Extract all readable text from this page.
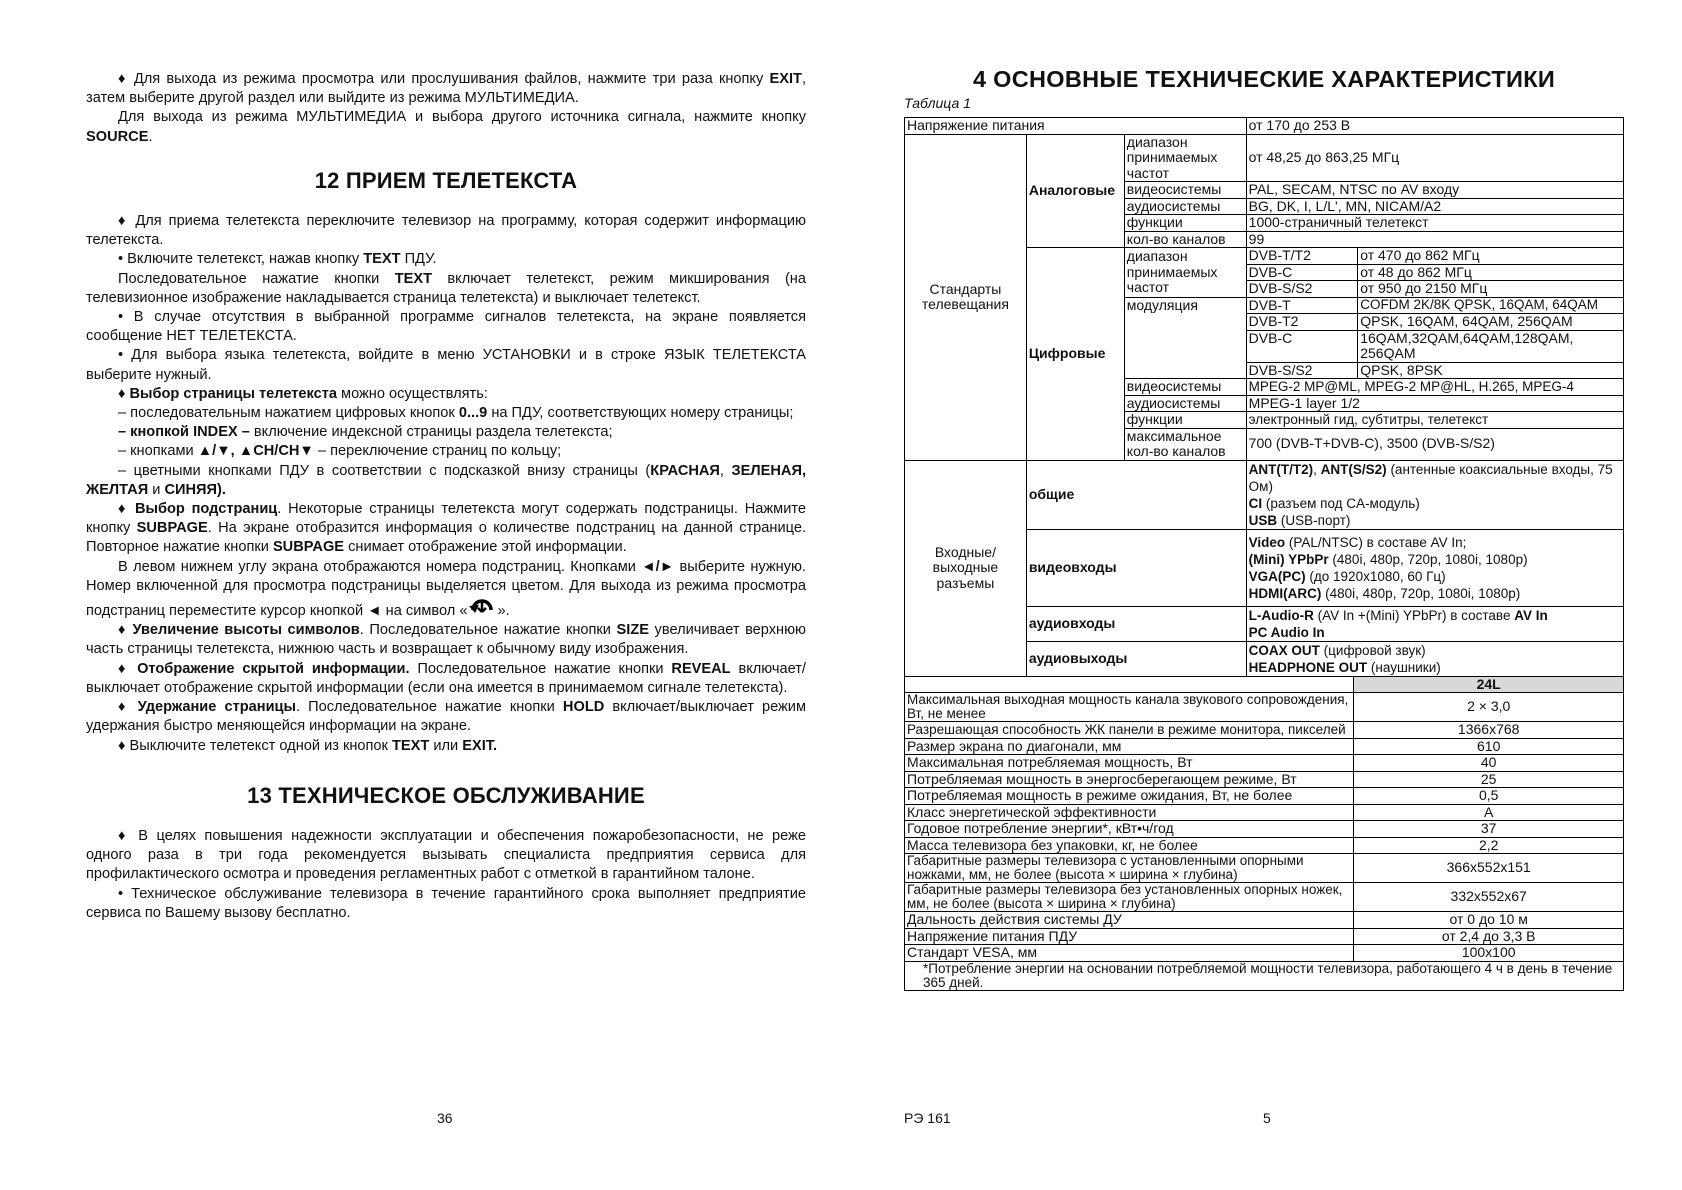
♦ Для выхода из режима просмотра или прослушивания файлов, нажмите три раза кнопку EXIT, затем выберите другой раздел или выйдите из режима МУЛЬТИМЕДИА.

Для выхода из режима МУЛЬТИМЕДИА и выбора другого источника сигнала, нажмите кнопку SOURCE.

12 ПРИЕМ ТЕЛЕТЕКСТА

♦ Для приема телетекста переключите телевизор на программу, которая содержит информацию телетекста.

• Включите телетекст, нажав кнопку TEXT ПДУ.

Последовательное нажатие кнопки TEXT включает телетекст, режим микширования (на телевизионное изображение накладывается страница телетекста) и выключает телетекст.

• В случае отсутствия в выбранной программе сигналов телетекста, на экране появляется сообщение НЕТ ТЕЛЕТЕКСТА.

• Для выбора языка телетекста, войдите в меню УСТАНОВКИ и в строке ЯЗЫК ТЕЛЕТЕКСТА выберите нужный.

♦ Выбор страницы телетекста можно осуществлять:

– последовательным нажатием цифровых кнопок 0...9 на ПДУ, соответствующих номеру страницы;

– кнопкой INDEX – включение индексной страницы раздела телетекста;

– кнопками ▲/▼, ▲CH/CH▼ – переключение страниц по кольцу;

– цветными кнопками ПДУ в соответствии с подсказкой внизу страницы (КРАСНАЯ, ЗЕЛЕНАЯ, ЖЕЛТАЯ и СИНЯЯ).

♦ Выбор подстраниц. Некоторые страницы телетекста могут содержать подстраницы. Нажмите кнопку SUBPAGE. На экране отобразится информация о количестве подстраниц на данной странице. Повторное нажатие кнопки SUBPAGE снимает отображение этой информации.

В левом нижнем углу экрана отображаются номера подстраниц. Кнопками ◄/► выберите нужную. Номер включенной для просмотра подстраницы выделяется цветом. Для выхода из режима просмотра подстраниц переместите курсор кнопкой ◄ на символ « ».

♦ Увеличение высоты символов. Последовательное нажатие кнопки SIZE увеличивает верхнюю часть страницы телетекста, нижнюю часть и возвращает к обычному виду изображения.

♦ Отображение скрытой информации. Последовательное нажатие кнопки REVEAL включает/выключает отображение скрытой информации (если она имеется в принимаемом сигнале телетекста).

♦ Удержание страницы. Последовательное нажатие кнопки HOLD включает/выключает режим удержания быстро меняющейся информации на экране.

♦ Выключите телетекст одной из кнопок TEXT или EXIT.

13 ТЕХНИЧЕСКОЕ ОБСЛУЖИВАНИЕ

♦ В целях повышения надежности эксплуатации и обеспечения пожаробезопасности, не реже одного раза в три года рекомендуется вызывать специалиста предприятия сервиса для профилактического осмотра и проведения регламентных работ с отметкой в гарантийном талоне.

• Техническое обслуживание телевизора в течение гарантийного срока выполняет предприятие сервиса по Вашему вызову бесплатно.

36
4 ОСНОВНЫЕ ТЕХНИЧЕСКИЕ ХАРАКТЕРИСТИКИ
Таблица 1
Напряжение питания			от 170 до 253 В	
Стандарты телевещания	Аналоговые	диапазон принимаемых частот	от 48,25 до 863,25 МГц	
		видеосистемы	PAL, SECAM, NTSC по AV входу	
		аудиосистемы	BG, DK, I, L/L', MN, NICAM/A2	
		функции	1000-страничный телетекст	
		кол-во каналов	99	
	Цифровые	диапазон принимаемых частот	DVB-T/T2	от 470 до 862 МГц
			DVB-C	от 48 до 862 МГц
			DVB-S/S2	от 950 до 2150 МГц
		модуляция	DVB-T	COFDM 2K/8K QPSK, 16QAM, 64QAM
			DVB-T2	QPSK, 16QAM, 64QAM, 256QAM
			DVB-C	16QAM,32QAM,64QAM,128QAM, 256QAM
			DVB-S/S2	QPSK, 8PSK
		видеосистемы	MPEG-2 MP@ML, MPEG-2 MP@HL, H.265, MPEG-4	
		аудиосистемы	MPEG-1 layer 1/2	
		функции	электронный гид, субтитры, телетекст	
		максимальное кол-во каналов	700 (DVB-T+DVB-C), 3500 (DVB-S/S2)	
Входные/ выходные разъемы	общие		ANT(T/T2), ANT(S/S2) (антенные коаксиальные входы, 75 Ом)
CI (разъем под CA-модуль)
USB (USB-порт)	
	видеовходы		Video (PAL/NTSC) в составе AV In;
(Mini) YPbPr (480i, 480p, 720p, 1080i, 1080p)
VGA(PC) (до 1920x1080, 60 Гц)
HDMI(ARC) (480i, 480p, 720p, 1080i, 1080p)	
	аудиовходы		L-Audio-R (AV In +(Mini) YPbPr) в составе AV In
PC Audio In	
	аудиовыходы		COAX OUT (цифровой звук)
HEADPHONE OUT (наушники)	
	24L
Максимальная выходная мощность канала звукового сопровождения, Вт, не менее	2 × 3,0
Разрешающая способность ЖК панели в режиме монитора, пикселей	1366x768
Размер экрана по диагонали, мм	610
Максимальная потребляемая мощность, Вт	40
Потребляемая мощность в энергосберегающем режиме, Вт	25
Потребляемая мощность в режиме ожидания, Вт, не более	0,5
Класс энергетической эффективности	A
Годовое потребление энергии*, кВт•ч/год	37
Масса телевизора без упаковки, кг, не более	2,2
Габаритные размеры телевизора с установленными опорными ножками, мм, не более (высота × ширина × глубина)	366x552x151
Габаритные размеры телевизора без установленных опорных ножек, мм, не более (высота × ширина × глубина)	332x552x67
Дальность действия системы ДУ	от 0 до 10 м
Напряжение питания ПДУ	от 2,4 до 3,3 В
Стандарт VESA, мм	100x100
*Потребление энергии на основании потребляемой мощности телевизора, работающего 4 ч в день в течение 365 дней.	
РЭ 161	5
